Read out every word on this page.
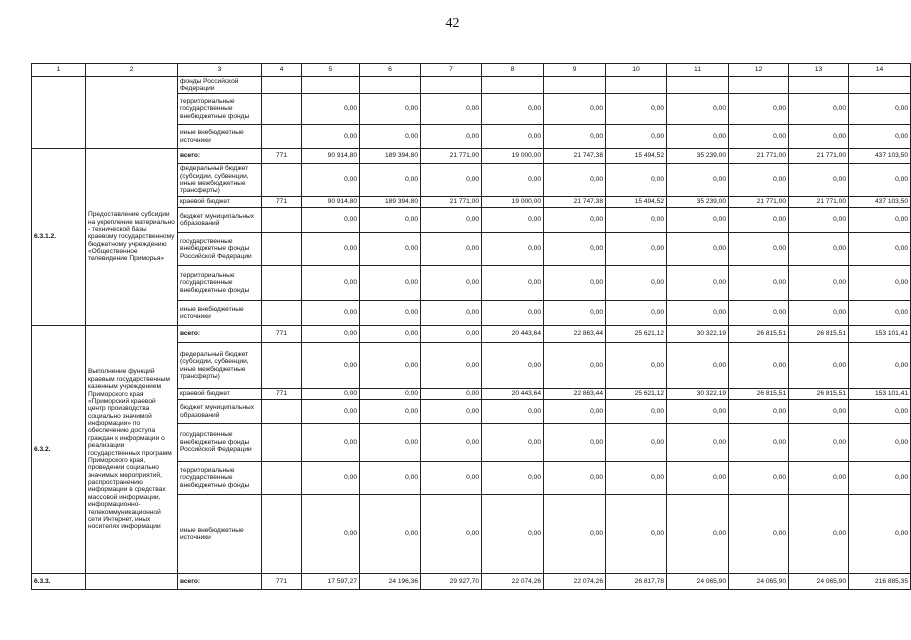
42
1	2	3	4	5	6	7	8	9	10	11	12	13	14
		фонды Российской Федерации											
		территориальные государственные внебюджетные фонды		0,00	0,00	0,00	0,00	0,00	0,00	0,00	0,00	0,00	0,00
		иные внебюджетные источники		0,00	0,00	0,00	0,00	0,00	0,00	0,00	0,00	0,00	0,00
6.3.1.2.	Предоставление субсидии на укрепление материально - технической базы краевому государственному бюджетному учреждению «Общественное телевидение Приморья»	всего:	771	90 914,80	189 394,80	21 771,00	19 000,00	21 747,38	15 494,52	35 239,00	21 771,00	21 771,00	437 103,50
		федеральный бюджет (субсидии, субвенции, иные межбюджетные трансферты)		0,00	0,00	0,00	0,00	0,00	0,00	0,00	0,00	0,00	0,00
		краевой бюджет	771	90 914,80	189 394,80	21 771,00	19 000,00	21 747,38	15 494,52	35 239,00	21 771,00	21 771,00	437 103,50
		бюджет муниципальных образований		0,00	0,00	0,00	0,00	0,00	0,00	0,00	0,00	0,00	0,00
		государственные внебюджетные фонды Российской Федерации		0,00	0,00	0,00	0,00	0,00	0,00	0,00	0,00	0,00	0,00
		территориальные государственные внебюджетные фонды		0,00	0,00	0,00	0,00	0,00	0,00	0,00	0,00	0,00	0,00
		иные внебюджетные источники		0,00	0,00	0,00	0,00	0,00	0,00	0,00	0,00	0,00	0,00
6.3.2.	Выполнение функций краевым государственным казенным учреждением Приморского края «Приморский краевой центр производства социально значимой информации» по обеспечению доступа граждан к информации о реализации государственных программ Приморского края, проведении социально значимых мероприятий, распространению информации в средствах массовой информации, информационно-телекоммуникационной сети Интернет, иных носителях информации	всего:	771	0,00	0,00	0,00	20 443,64	22 863,44	25 621,12	30 322,19	26 815,51	26 815,51	153 101,41
		федеральный бюджет (субсидии, субвенции, иные межбюджетные трансферты)		0,00	0,00	0,00	0,00	0,00	0,00	0,00	0,00	0,00	0,00
		краевой бюджет	771	0,00	0,00	0,00	20 443,64	22 863,44	25 621,12	30 322,19	26 815,51	26 815,51	153 101,41
		бюджет муниципальных образований		0,00	0,00	0,00	0,00	0,00	0,00	0,00	0,00	0,00	0,00
		государственные внебюджетные фонды Российской Федерации		0,00	0,00	0,00	0,00	0,00	0,00	0,00	0,00	0,00	0,00
		территориальные государственные внебюджетные фонды		0,00	0,00	0,00	0,00	0,00	0,00	0,00	0,00	0,00	0,00
		иные внебюджетные источники		0,00	0,00	0,00	0,00	0,00	0,00	0,00	0,00	0,00	0,00
6.3.3.		всего:	771	17 597,27	24 196,36	29 927,70	22 074,26	22 074,26	26 817,78	24 065,90	24 065,90	24 065,90	216 885,35
